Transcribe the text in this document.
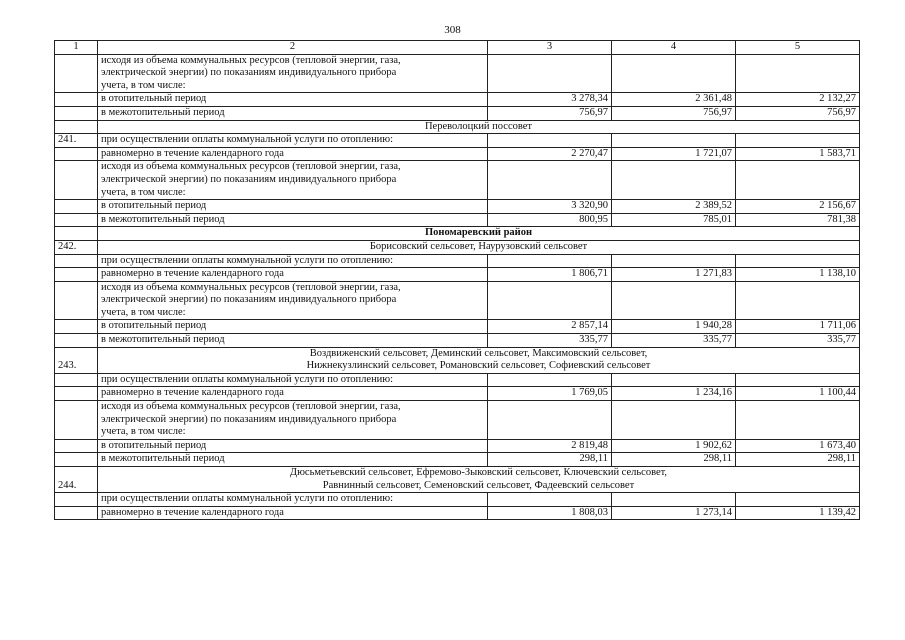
308
1	2	3	4	5

	исходя из объема коммунальных ресурсов (тепловой энергии, газа,
электрической энергии) по показаниям индивидуального прибора
учета, в том числе:			

	в отопительный период	3 278,34	2 361,48	2 132,27
	в межотопительный период	756,97	756,97	756,97
	Переволоцкий поссовет			
241.	при осуществлении оплаты коммунальной услуги по отоплению:			
	равномерно в течение календарного года	2 270,47	1 721,07	1 583,71

	исходя из объема коммунальных ресурсов (тепловой энергии, газа,
электрической энергии) по показаниям индивидуального прибора
учета, в том числе:			

	в отопительный период	3 320,90	2 389,52	2 156,67
	в межотопительный период	800,95	785,01	781,38
	Пономаревский район			
242.	Борисовский сельсовет, Наурузовский сельсовет			

	при осуществлении оплаты коммунальной услуги по отоплению:			
	равномерно в течение календарного года	1 806,71	1 271,83	1 138,10

	исходя из объема коммунальных ресурсов (тепловой энергии, газа,
электрической энергии) по показаниям индивидуального прибора
учета, в том числе:			

	в отопительный период	2 857,14	1 940,28	1 711,06
	в межотопительный период	335,77	335,77	335,77
243.	Воздвиженский сельсовет, Деминский сельсовет, Максимовский сельсовет,
Нижнекузлинский сельсовет, Романовский сельсовет, Софиевский сельсовет			

	при осуществлении оплаты коммунальной услуги по отоплению:			
	равномерно в течение календарного года	1 769,05	1 234,16	1 100,44

	исходя из объема коммунальных ресурсов (тепловой энергии, газа,
электрической энергии) по показаниям индивидуального прибора
учета, в том числе:			

	в отопительный период	2 819,48	1 902,62	1 673,40
	в межотопительный период	298,11	298,11	298,11
244.	Дюсьметьевский сельсовет, Ефремово-Зыковский сельсовет, Ключевский сельсовет,
Равнинный сельсовет, Семеновский сельсовет, Фадеевский сельсовет			

	при осуществлении оплаты коммунальной услуги по отоплению:			
	равномерно в течение календарного года	1 808,03	1 273,14	1 139,42
